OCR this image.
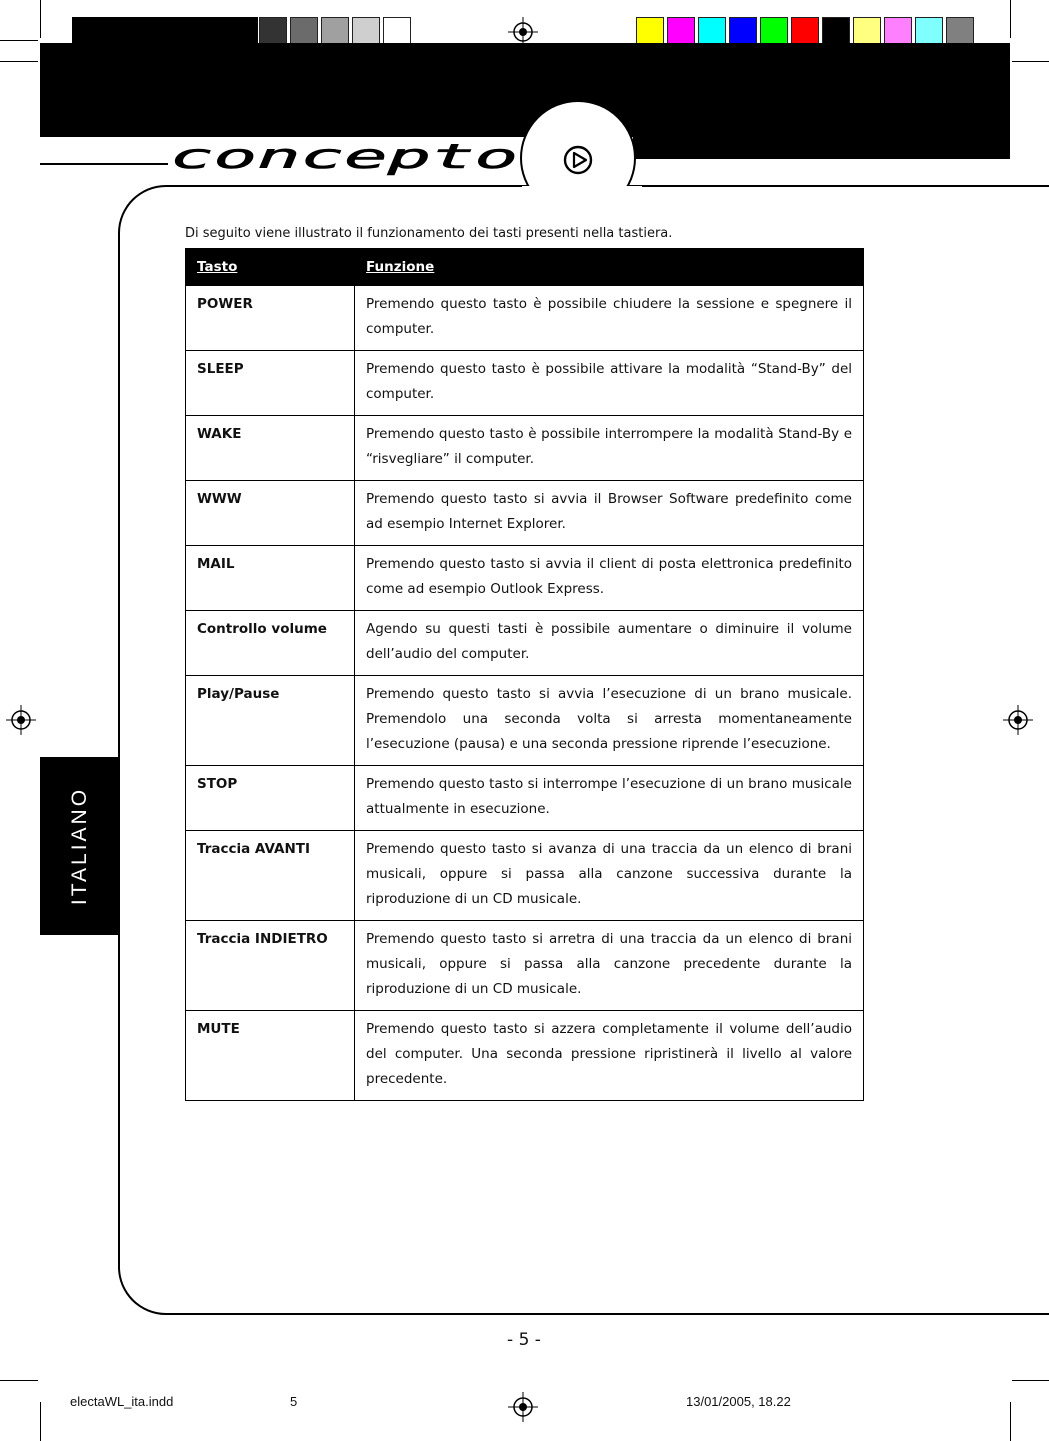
concepto
ITALIANO
Di seguito viene illustrato il funzionamento dei tasti presenti nella tastiera.
Tasto	Funzione
POWER	Premendo questo tasto è possibile chiudere la sessione e spegnere il computer.
SLEEP	Premendo questo tasto è possibile attivare la modalità “Stand-By” del computer.
WAKE	Premendo questo tasto è possibile interrompere la modalità Stand-By e “risvegliare” il computer.
WWW	Premendo questo tasto si avvia il Browser Software predefinito come ad esempio Internet Explorer.
MAIL	Premendo questo tasto si avvia il client di posta elettronica predefinito come ad esempio Outlook Express.
Controllo volume	Agendo su questi tasti è possibile aumentare o diminuire il volume dell’audio del computer.
Play/Pause	Premendo questo tasto si avvia l’esecuzione di un brano musicale. Premendolo una seconda volta si arresta momentaneamente l’esecuzione (pausa) e una seconda pressione riprende l’esecuzione.
STOP	Premendo questo tasto si interrompe l’esecuzione di un brano musicale attualmente in esecuzione.
Traccia AVANTI	Premendo questo tasto si avanza di una traccia da un elenco di brani musicali, oppure si passa alla canzone successiva durante la riproduzione di un CD musicale.
Traccia INDIETRO	Premendo questo tasto si arretra di una traccia da un elenco di brani musicali, oppure si passa alla canzone precedente durante la riproduzione di un CD musicale.
MUTE	Premendo questo tasto si azzera completamente il volume dell’audio del computer. Una seconda pressione ripristinerà il livello al valore precedente.
- 5 -
electaWL_ita.indd	5	13/01/2005, 18.22
